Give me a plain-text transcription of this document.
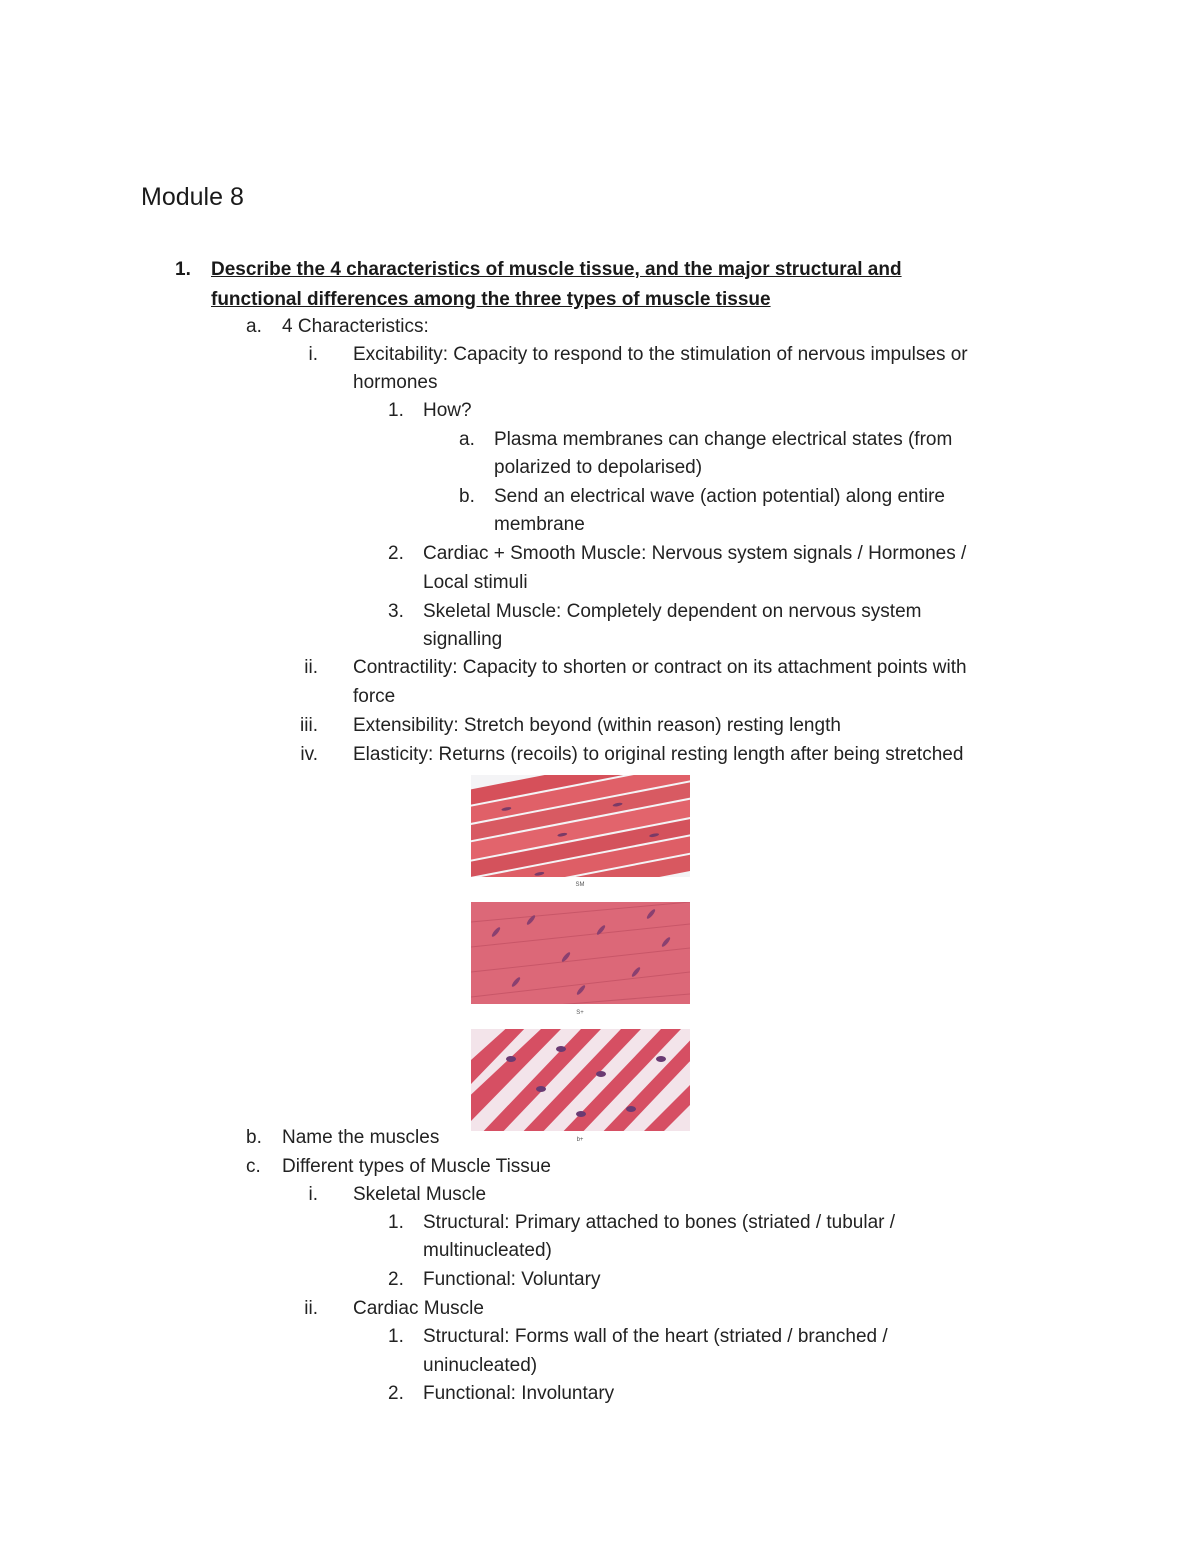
Module 8
1. Describe the 4 characteristics of muscle tissue, and the major structural and
functional differences among the three types of muscle tissue
a. 4 Characteristics:
i. Excitability: Capacity to respond to the stimulation of nervous impulses or
hormones
1. How?
a. Plasma membranes can change electrical states (from
polarized to depolarised)
b. Send an electrical wave (action potential) along entire
membrane
2. Cardiac + Smooth Muscle: Nervous system signals / Hormones /
Local stimuli
3. Skeletal Muscle: Completely dependent on nervous system
signalling
ii. Contractility: Capacity to shorten or contract on its attachment points with
force
iii. Extensibility: Stretch beyond (within reason) resting length
iv. Elasticity: Returns (recoils) to original resting length after being stretched
SM
S+
b+
b. Name the muscles
c. Different types of Muscle Tissue
i. Skeletal Muscle
1. Structural: Primary attached to bones (striated / tubular /
multinucleated)
2. Functional: Voluntary
ii. Cardiac Muscle
1. Structural: Forms wall of the heart (striated / branched /
uninucleated)
2. Functional: Involuntary
